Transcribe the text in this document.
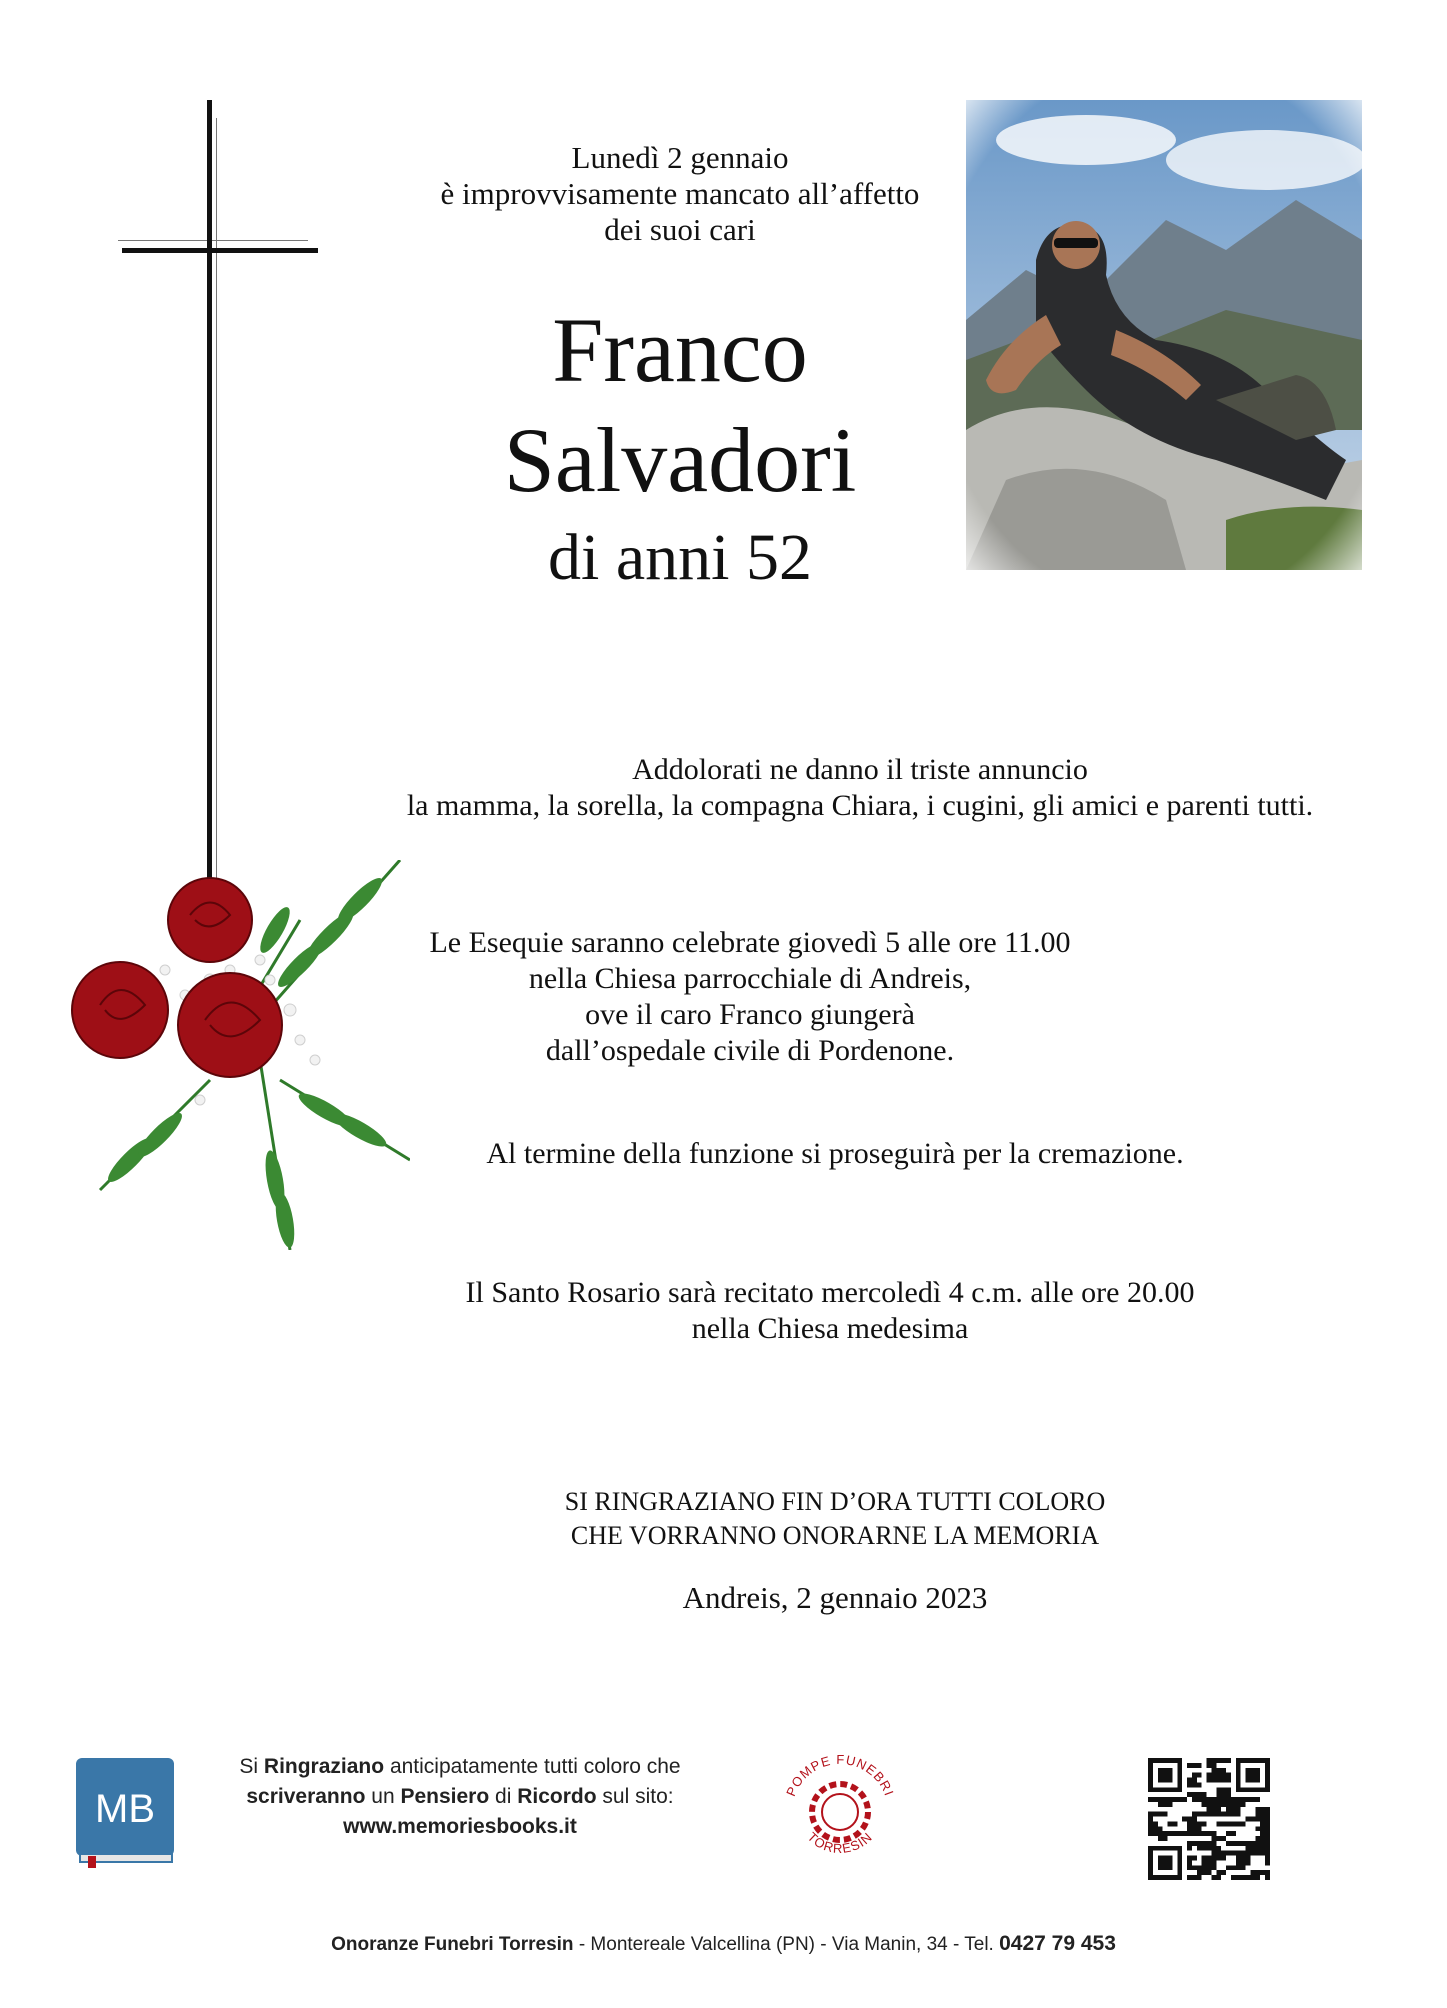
Lunedì 2 gennaio
è improvvisamente mancato all’affetto
dei suoi cari
Franco
Salvadori
di anni 52
Addolorati ne danno il triste annuncio
la mamma, la sorella, la compagna Chiara, i cugini, gli amici e parenti tutti.
Le Esequie saranno celebrate giovedì 5 alle ore 11.00
nella Chiesa parrocchiale di Andreis,
ove il caro Franco giungerà
dall’ospedale civile di Pordenone.
Al termine della funzione si proseguirà per la cremazione.
Il Santo Rosario sarà recitato mercoledì 4 c.m. alle ore 20.00
nella Chiesa medesima
SI RINGRAZIANO FIN D’ORA TUTTI COLORO
CHE VORRANNO ONORARNE LA MEMORIA
Andreis, 2 gennaio 2023
MB
Si Ringraziano anticipatamente tutti coloro che
scriveranno un Pensiero di Ricordo sul sito:
www.memoriesbooks.it
POMPE FUNEBRI
TORRESIN
Onoranze Funebri Torresin - Montereale Valcellina (PN) - Via Manin, 34 - Tel. 0427 79 453
